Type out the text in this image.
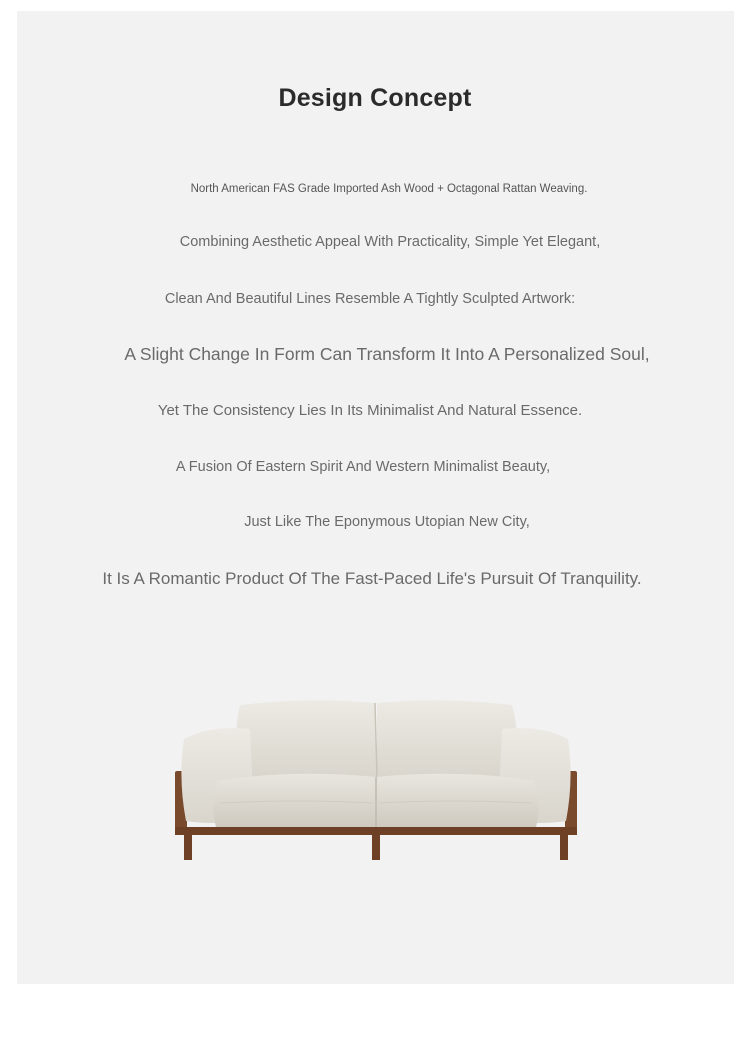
Design Concept
North American FAS Grade Imported Ash Wood + Octagonal Rattan Weaving.
Combining Aesthetic Appeal With Practicality, Simple Yet Elegant,
Clean And Beautiful Lines Resemble A Tightly Sculpted Artwork:
A Slight Change In Form Can Transform It Into A Personalized Soul,
Yet The Consistency Lies In Its Minimalist And Natural Essence.
A Fusion Of Eastern Spirit And Western Minimalist Beauty,
Just Like The Eponymous Utopian New City,
It Is A Romantic Product Of The Fast-Paced Life's Pursuit Of Tranquility.
